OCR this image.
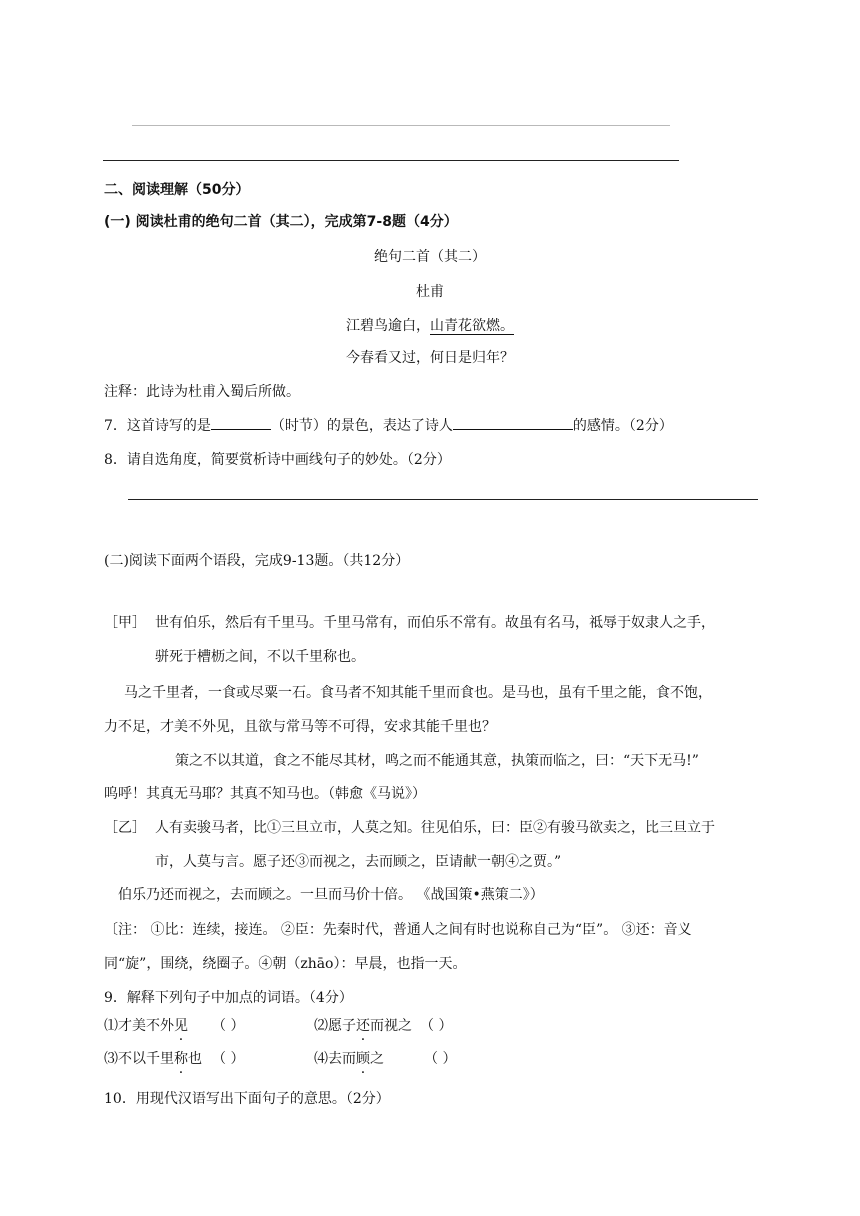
二、阅读理解（50分）
(一) 阅读杜甫的绝句二首（其二），完成第7-8题（4分）
绝句二首（其二）
杜甫
江碧鸟逾白，山青花欲燃。
今春看又过，何日是归年？
注释：此诗为杜甫入蜀后所做。
7．这首诗写的是	（时节）的景色，表达了诗人	的感情。（2分）
8．请自选角度，简要赏析诗中画线句子的妙处。（2分）
(二)阅读下面两个语段，完成9-13题。（共12分）
［甲］ 世有伯乐，然后有千里马。千里马常有，而伯乐不常有。故虽有名马，祗辱于奴隶人之手，
骈死于槽枥之间，不以千里称也。
马之千里者，一食或尽粟一石。食马者不知其能千里而食也。是马也，虽有千里之能，食不饱，
力不足，才美不外见，且欲与常马等不可得，安求其能千里也？
策之不以其道，食之不能尽其材，鸣之而不能通其意，执策而临之，曰：“天下无马!”
呜呼！其真无马耶？其真不知马也。（韩愈《马说》）
［乙］ 人有卖骏马者，比①三旦立市，人莫之知。往见伯乐，曰：臣②有骏马欲卖之，比三旦立于
市，人莫与言。愿子还③而视之，去而顾之，臣请献一朝④之贾。”
伯乐乃还而视之，去而顾之。一旦而马价十倍。 《战国策•燕策二》）
〔注： ①比：连续，接连。 ②臣：先秦时代，普通人之间有时也说称自己为“臣”。 ③还：音义
同“旋”，围绕，绕圈子。④朝（zhāo）：早晨，也指一天。
9．解释下列句子中加点的词语。（4分）
⑴才美不外见 （ ）	⑵愿子还而视之 （ ）
⑶不以千里称也 （ ）	⑷去而顾之	（ ）
10．用现代汉语写出下面句子的意思。（2分）
